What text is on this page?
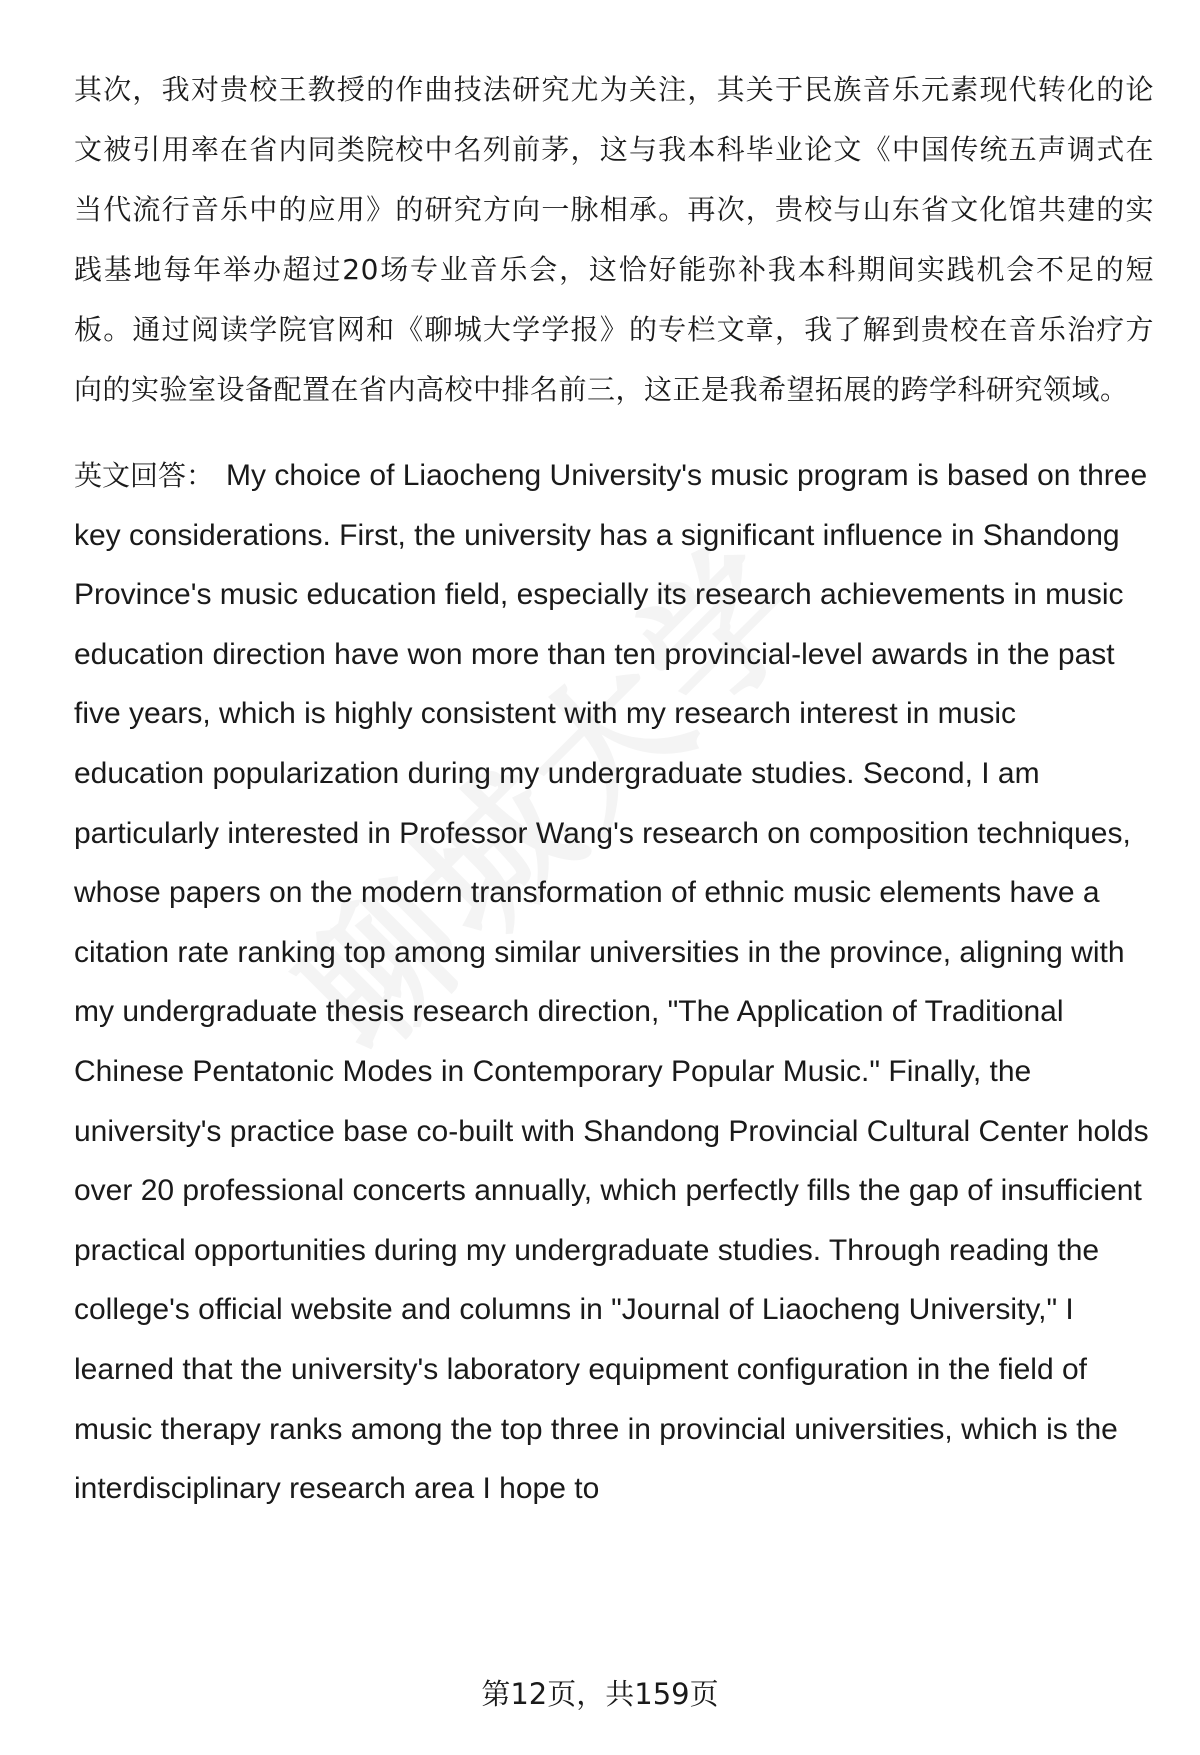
其次，我对贵校王教授的作曲技法研究尤为关注，其关于民族音乐元素现代转化的论文被引用率在省内同类院校中名列前茅，这与我本科毕业论文《中国传统五声调式在当代流行音乐中的应用》的研究方向一脉相承。再次，贵校与山东省文化馆共建的实践基地每年举办超过20场专业音乐会，这恰好能弥补我本科期间实践机会不足的短板。通过阅读学院官网和《聊城大学学报》的专栏文章，我了解到贵校在音乐治疗方向的实验室设备配置在省内高校中排名前三，这正是我希望拓展的跨学科研究领域。

英文回答： My choice of Liaocheng University's music program is based on three key considerations. First, the university has a significant influence in Shandong Province's music education field, especially its research achievements in music education direction have won more than ten provincial-level awards in the past five years, which is highly consistent with my research interest in music education popularization during my undergraduate studies. Second, I am particularly interested in Professor Wang's research on composition techniques, whose papers on the modern transformation of ethnic music elements have a citation rate ranking top among similar universities in the province, aligning with my undergraduate thesis research direction, "The Application of Traditional Chinese Pentatonic Modes in Contemporary Popular Music." Finally, the university's practice base co-built with Shandong Provincial Cultural Center holds over 20 professional concerts annually, which perfectly fills the gap of insufficient practical opportunities during my undergraduate studies. Through reading the college's official website and columns in "Journal of Liaocheng University," I learned that the university's laboratory equipment configuration in the field of music therapy ranks among the top three in provincial universities, which is the interdisciplinary research area I hope to

第12页，共159页
